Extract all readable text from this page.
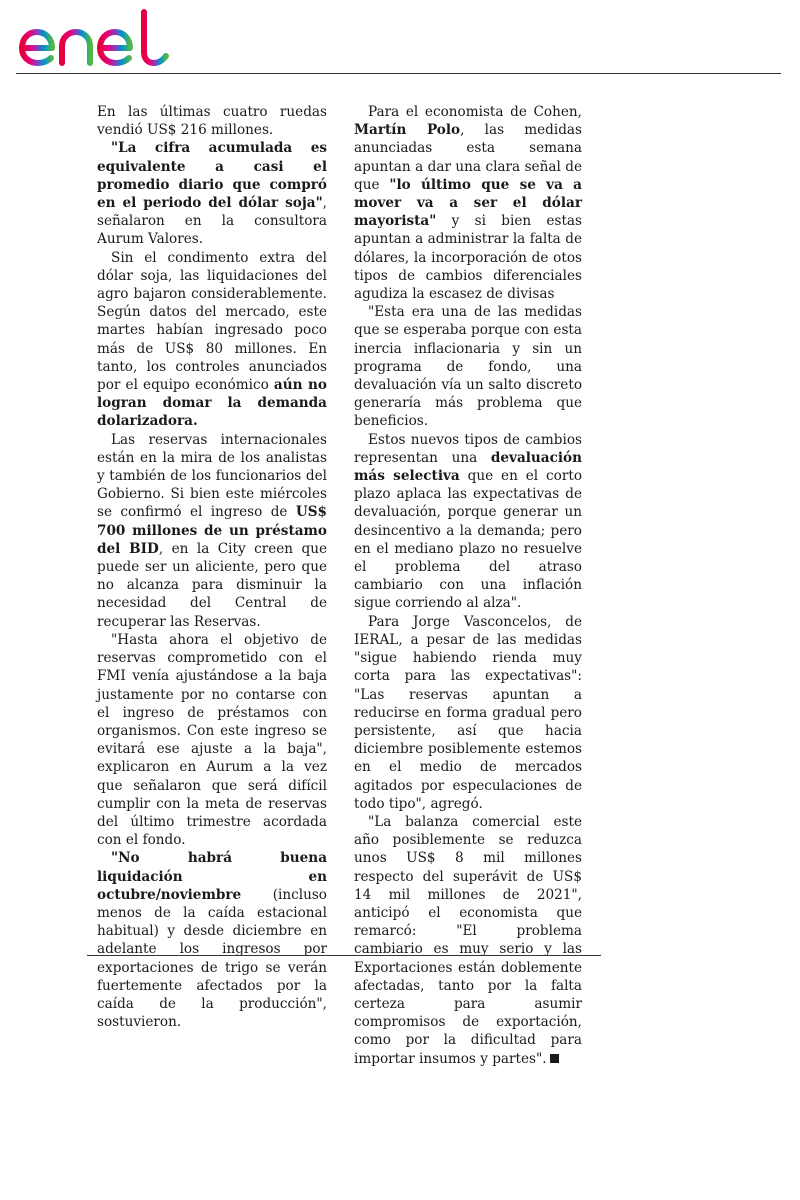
En las últimas cuatro ruedas vendió US$ 216 millones.

"La cifra acumulada es equivalente a casi el promedio diario que compró en el periodo del dólar soja", señalaron en la consultora Aurum Valores.

Sin el condimento extra del dólar soja, las liquidaciones del agro bajaron considerablemente. Según datos del mercado, este martes habían ingresado poco más de US$ 80 millones. En tanto, los controles anunciados por el equipo económico aún no logran domar la demanda dolarizadora.

Las reservas internacionales están en la mira de los analistas y también de los funcionarios del Gobierno. Si bien este miércoles se confirmó el ingreso de US$ 700 millones de un préstamo del BID, en la City creen que puede ser un aliciente, pero que no alcanza para disminuir la necesidad del Central de recuperar las Reservas.

"Hasta ahora el objetivo de reservas comprometido con el FMI venía ajustándose a la baja justamente por no contarse con el ingreso de préstamos con organismos. Con este ingreso se evitará ese ajuste a la baja", explicaron en Aurum a la vez que señalaron que será difícil cumplir con la meta de reservas del último trimestre acordada con el fondo.

"No habrá buena liquidación en octubre/noviembre (incluso menos de la caída estacional habitual) y desde diciembre en adelante los ingresos por exportaciones de trigo se verán fuertemente afectados por la caída de la producción", sostuvieron.

Para el economista de Cohen, Martín Polo, las medidas anunciadas esta semana apuntan a dar una clara señal de que "lo último que se va a mover va a ser el dólar mayorista" y si bien estas apuntan a administrar la falta de dólares, la incorporación de otos tipos de cambios diferenciales agudiza la escasez de divisas

"Esta era una de las medidas que se esperaba porque con esta inercia inflacionaria y sin un programa de fondo, una devaluación vía un salto discreto generaría más problema que beneficios.

Estos nuevos tipos de cambios representan una devaluación más selectiva que en el corto plazo aplaca las expectativas de devaluación, porque generar un desincentivo a la demanda; pero en el mediano plazo no resuelve el problema del atraso cambiario con una inflación sigue corriendo al alza".

Para Jorge Vasconcelos, de IERAL, a pesar de las medidas "sigue habiendo rienda muy corta para las expectativas": "Las reservas apuntan a reducirse en forma gradual pero persistente, así que hacia diciembre posiblemente estemos en el medio de mercados agitados por especulaciones de todo tipo", agregó.

"La balanza comercial este año posiblemente se reduzca unos US$ 8 mil millones respecto del superávit de US$ 14 mil millones de 2021", anticipó el economista que remarcó: "El problema cambiario es muy serio y las Exportaciones están doblemente afectadas, tanto por la falta certeza para asumir compromisos de exportación, como por la dificultad para importar insumos y partes".
